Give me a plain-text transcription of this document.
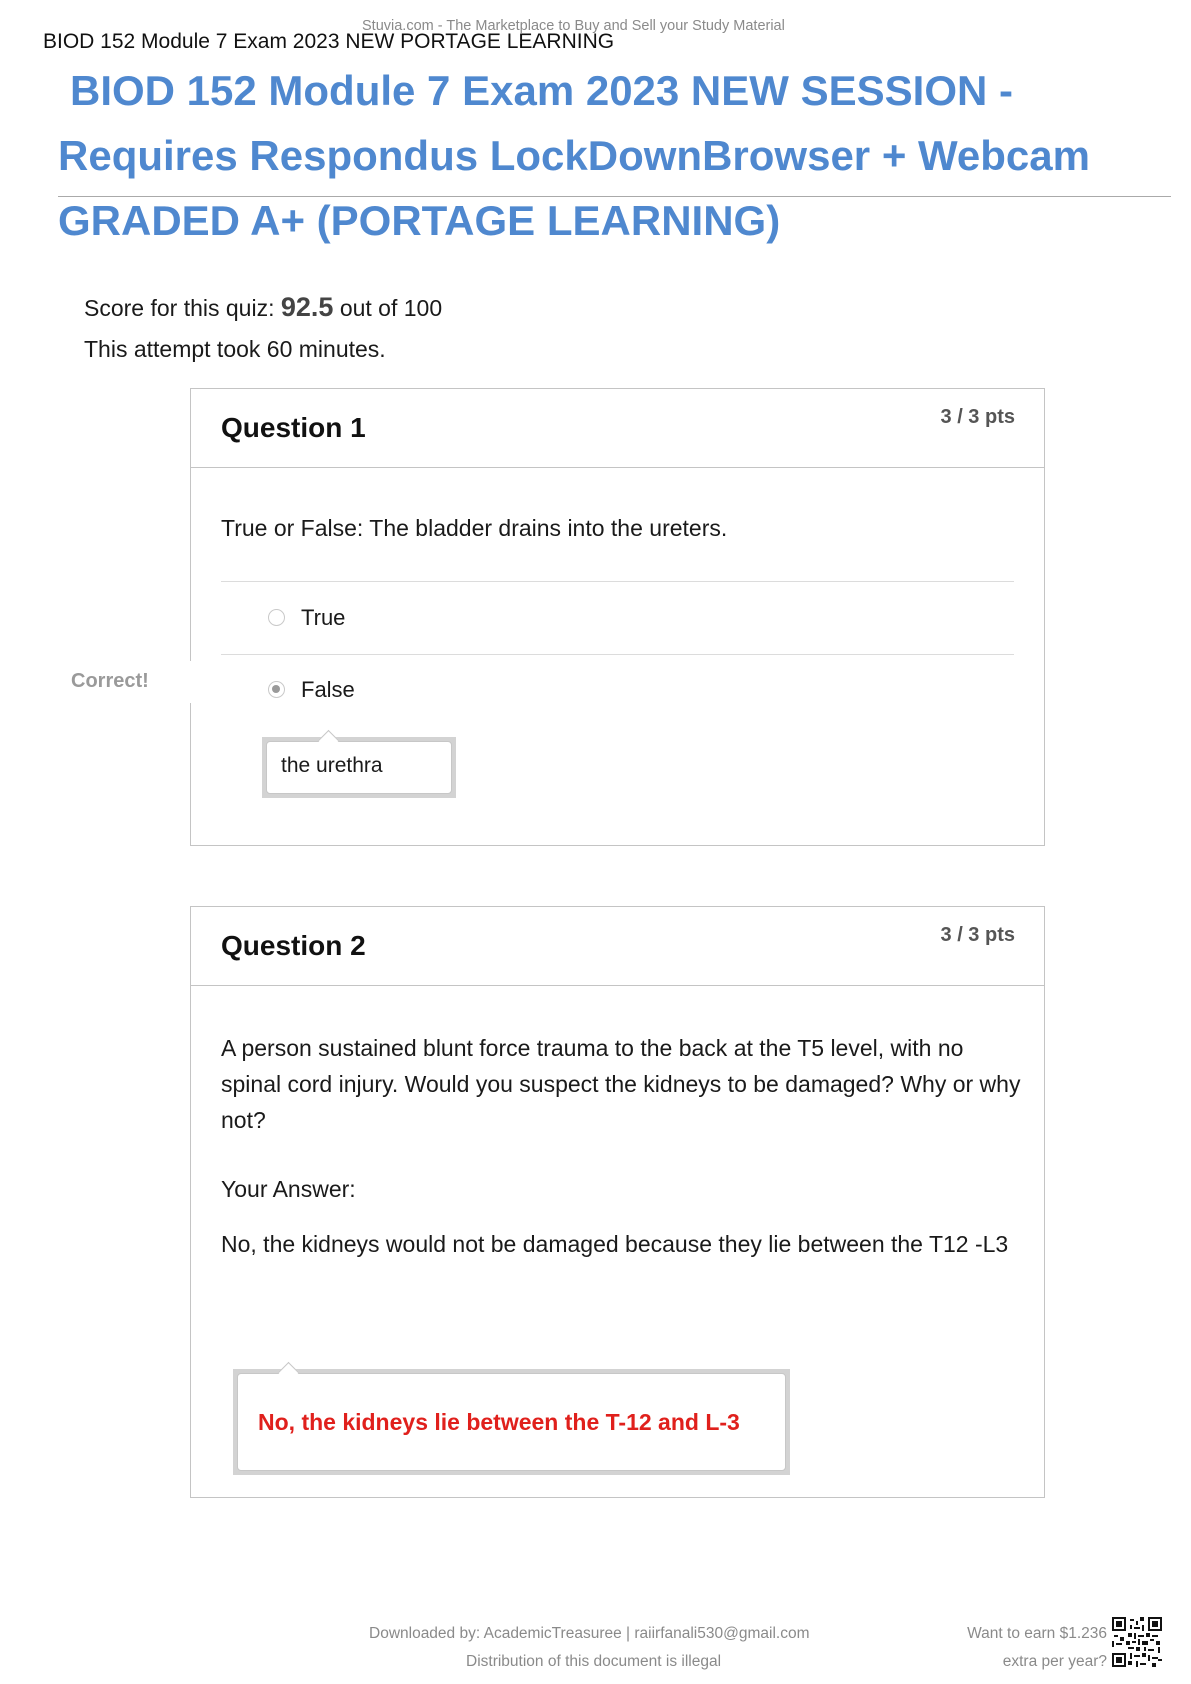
Stuvia.com - The Marketplace to Buy and Sell your Study Material
BIOD 152 Module 7 Exam 2023 NEW PORTAGE LEARNING
BIOD 152 Module 7 Exam 2023 NEW SESSION -
Requires Respondus LockDownBrowser + Webcam
GRADED A+ (PORTAGE LEARNING)
Score for this quiz: 92.5 out of 100
This attempt took 60 minutes.
Question 1	3 / 3 pts
True or False: The bladder drains into the ureters.
True
False
the urethra
Correct!
Question 2	3 / 3 pts
A person sustained blunt force trauma to the back at the T5 level, with no spinal cord injury. Would you suspect the kidneys to be damaged? Why or why not?
Your Answer:
No, the kidneys would not be damaged because they lie between the T12 -L3
No, the kidneys lie between the T-12 and L-3
Downloaded by: AcademicTreasuree | raiirfanali530@gmail.com
Distribution of this document is illegal
Want to earn $1.236
extra per year?
